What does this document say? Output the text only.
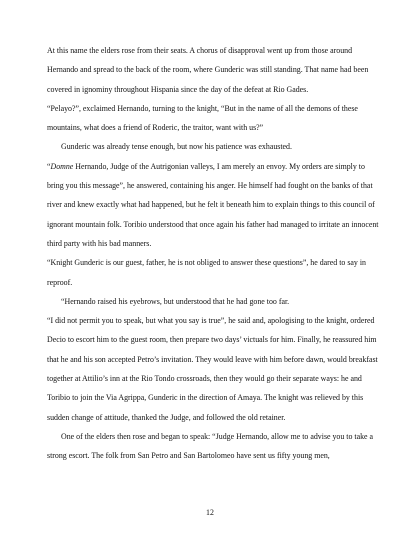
At this name the elders rose from their seats. A chorus of disapproval went up from those around Hernando and spread to the back of the room, where Gunderic was still standing. That name had been covered in ignominy throughout Hispania since the day of the defeat at Rio Gades.

“Pelayo?”, exclaimed Hernando, turning to the knight, “But in the name of all the demons of these mountains, what does a friend of Roderic, the traitor, want with us?”

Gunderic was already tense enough, but now his patience was exhausted.

“Domne Hernando, Judge of the Autrigonian valleys, I am merely an envoy. My orders are simply to bring you this message”, he answered, containing his anger. He himself had fought on the banks of that river and knew exactly what had happened, but he felt it beneath him to explain things to this council of ignorant mountain folk. Toribio understood that once again his father had managed to irritate an innocent third party with his bad manners.

“Knight Gunderic is our guest, father, he is not obliged to answer these questions”, he dared to say in reproof.

“Hernando raised his eyebrows, but understood that he had gone too far.

“I did not permit you to speak, but what you say is true”, he said and, apologising to the knight, ordered Decio to escort him to the guest room, then prepare two days’ victuals for him. Finally, he reassured him that he and his son accepted Petro’s invitation. They would leave with him before dawn, would breakfast together at Attilio’s inn at the Rio Tondo crossroads, then they would go their separate ways: he and Toribio to join the Via Agrippa, Gunderic in the direction of Amaya. The knight was relieved by this sudden change of attitude, thanked the Judge, and followed the old retainer.

One of the elders then rose and began to speak: “Judge Hernando, allow me to advise you to take a strong escort. The folk from San Petro and San Bartolomeo have sent us fifty young men,

12
